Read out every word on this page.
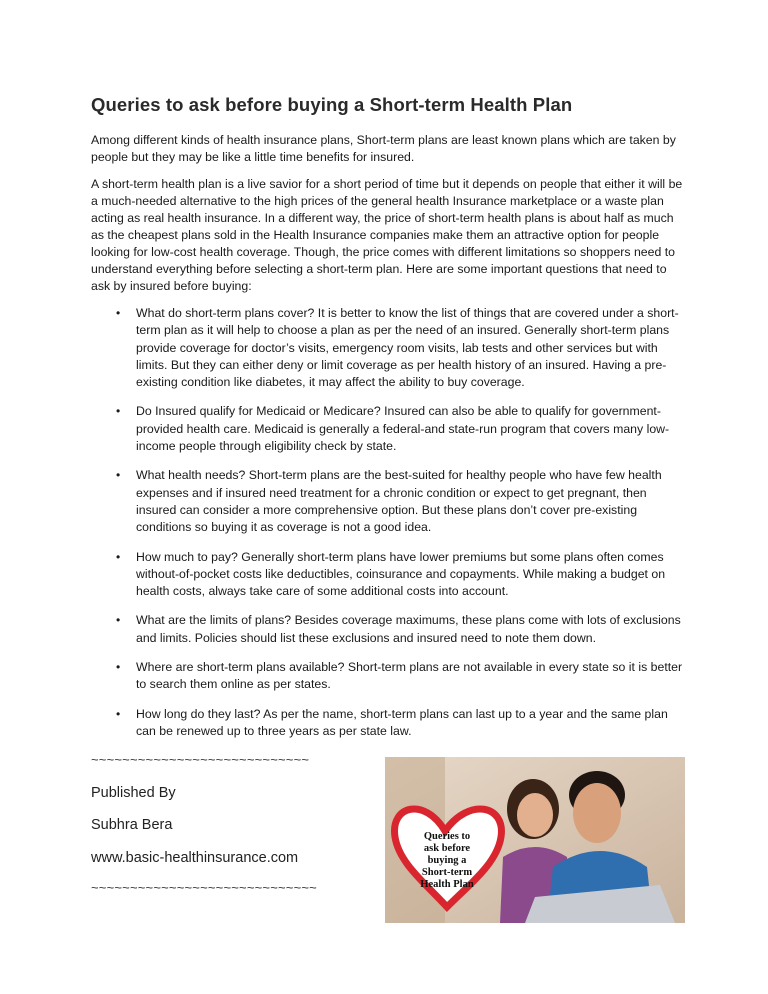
Queries to ask before buying a Short-term Health Plan

Among different kinds of health insurance plans, Short-term plans are least known plans which are taken by people but they may be like a little time benefits for insured.

A short-term health plan is a live savior for a short period of time but it depends on people that either it will be a much-needed alternative to the high prices of the general health Insurance marketplace or a waste plan acting as real health insurance. In a different way, the price of short-term health plans is about half as much as the cheapest plans sold in the Health Insurance companies make them an attractive option for people looking for low-cost health coverage. Though, the price comes with different limitations so shoppers need to understand everything before selecting a short-term plan. Here are some important questions that need to ask by insured before buying:

• What do short-term plans cover? It is better to know the list of things that are covered under a short-term plan as it will help to choose a plan as per the need of an insured. Generally short-term plans provide coverage for doctor’s visits, emergency room visits, lab tests and other services but with limits. But they can either deny or limit coverage as per health history of an insured. Having a pre-existing condition like diabetes, it may affect the ability to buy coverage.
• Do Insured qualify for Medicaid or Medicare? Insured can also be able to qualify for government-provided health care. Medicaid is generally a federal-and state-run program that covers many low-income people through eligibility check by state.
• What health needs? Short-term plans are the best-suited for healthy people who have few health expenses and if insured need treatment for a chronic condition or expect to get pregnant, then insured can consider a more comprehensive option. But these plans don’t cover pre-existing conditions so buying it as coverage is not a good idea.
• How much to pay? Generally short-term plans have lower premiums but some plans often comes without-of-pocket costs like deductibles, coinsurance and copayments. While making a budget on health costs, always take care of some additional costs into account.
• What are the limits of plans? Besides coverage maximums, these plans come with lots of exclusions and limits. Policies should list these exclusions and insured need to note them down.
• Where are short-term plans available? Short-term plans are not available in every state so it is better to search them online as per states.
• How long do they last? As per the name, short-term plans can last up to a year and the same plan can be renewed up to three years as per state law.
~~~~~~~~~~~~~~~~~~~~~~~~~~~~
Published By
Subhra Bera
www.basic-healthinsurance.com
~~~~~~~~~~~~~~~~~~~~~~~~~~~~~
Queries to
ask before
buying a
Short-term
Health Plan
